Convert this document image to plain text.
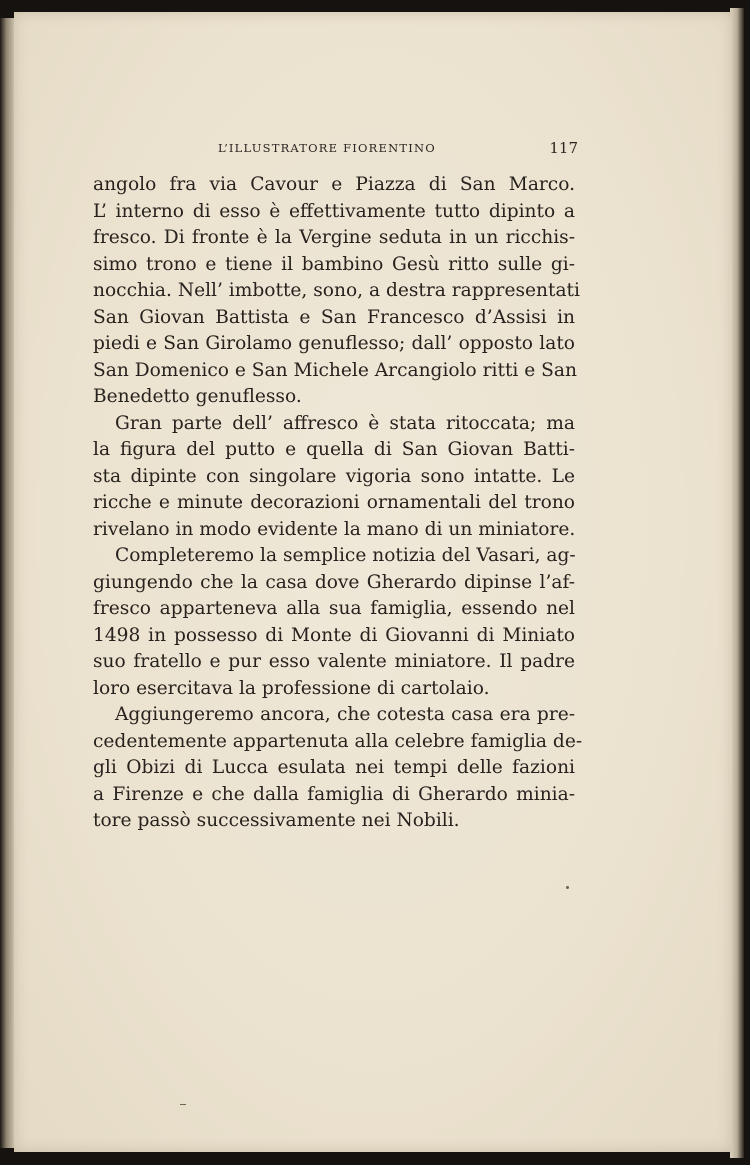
L’ILLUSTRATORE FIORENTINO	117
angolo fra via Cavour e Piazza di San Marco.
L’ interno di esso è effettivamente tutto dipinto a
fresco. Di fronte è la Vergine seduta in un ricchis-
simo trono e tiene il bambino Gesù ritto sulle gi-
nocchia. Nell’ imbotte, sono, a destra rappresentati
San Giovan Battista e San Francesco d’Assisi in
piedi e San Girolamo genuflesso; dall’ opposto lato
San Domenico e San Michele Arcangiolo ritti e San
Benedetto genuflesso.
Gran parte dell’ affresco è stata ritoccata; ma
la figura del putto e quella di San Giovan Batti-
sta dipinte con singolare vigoria sono intatte. Le
ricche e minute decorazioni ornamentali del trono
rivelano in modo evidente la mano di un miniatore.
Completeremo la semplice notizia del Vasari, ag-
giungendo che la casa dove Gherardo dipinse l’af-
fresco apparteneva alla sua famiglia, essendo nel
1498 in possesso di Monte di Giovanni di Miniato
suo fratello e pur esso valente miniatore. Il padre
loro esercitava la professione di cartolaio.
Aggiungeremo ancora, che cotesta casa era pre-
cedentemente appartenuta alla celebre famiglia de-
gli Obizi di Lucca esulata nei tempi delle fazioni
a Firenze e che dalla famiglia di Gherardo minia-
tore passò successivamente nei Nobili.
